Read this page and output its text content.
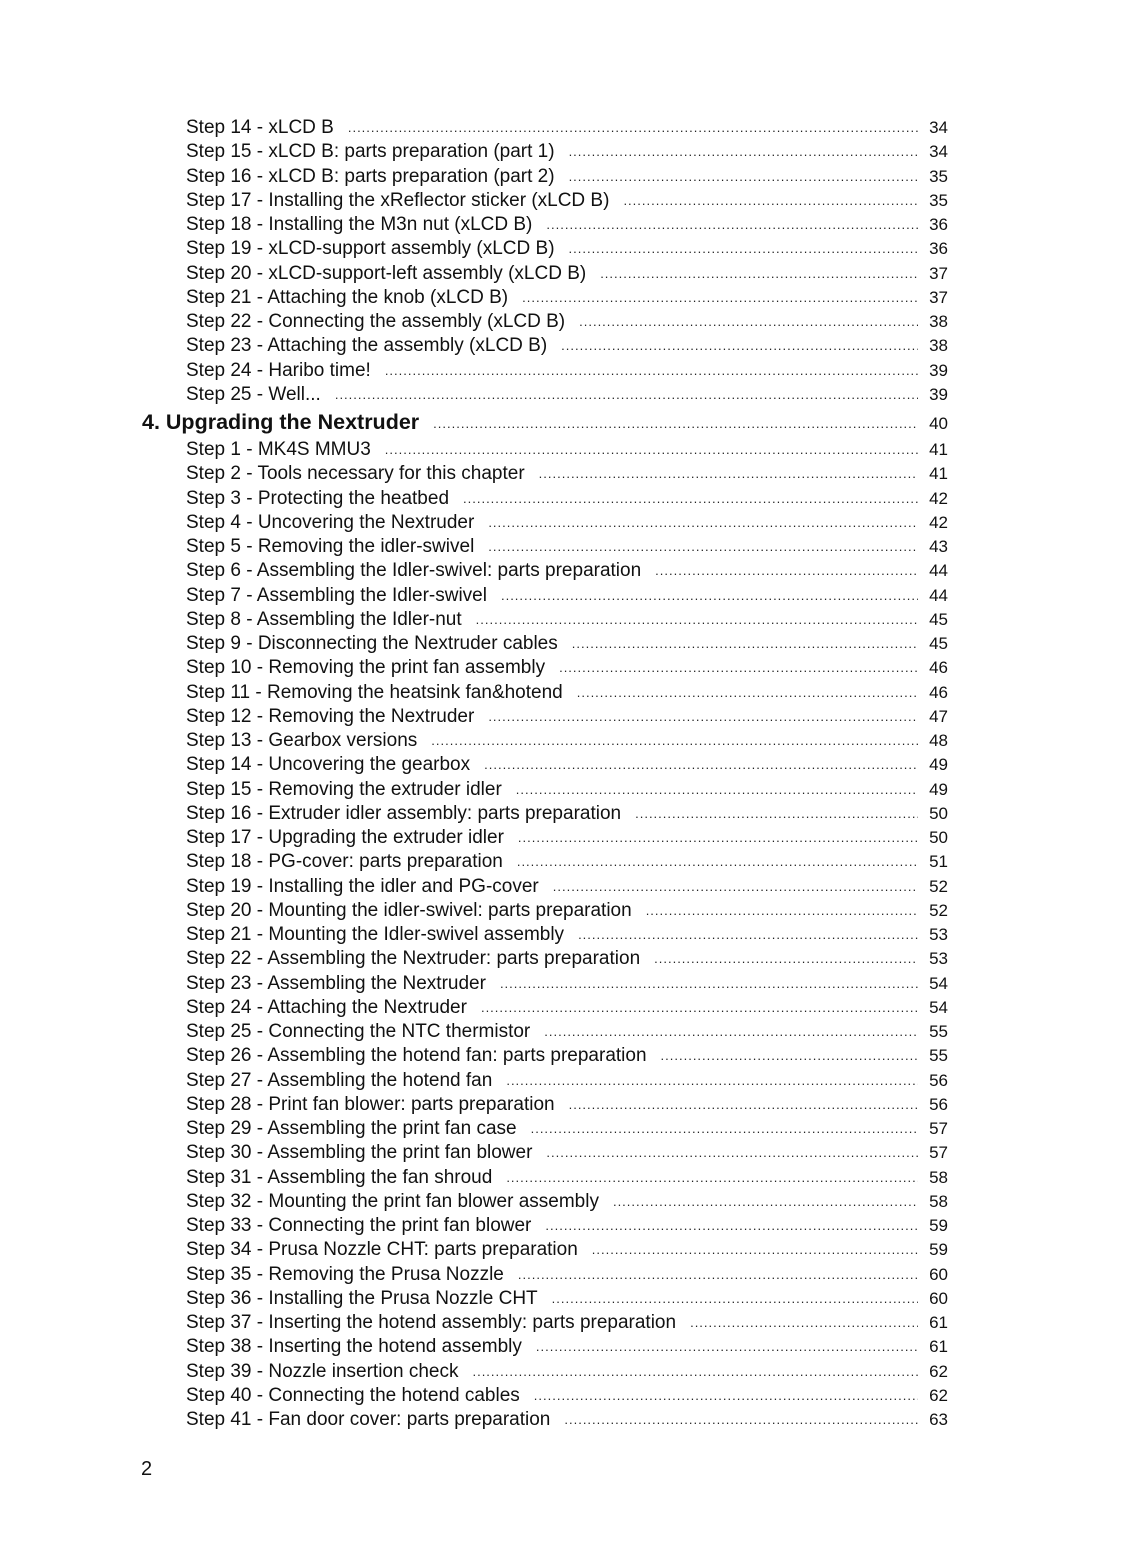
Step 14 - xLCD B .....	34
Step 15 - xLCD B: parts preparation (part 1) .....	34
Step 16 - xLCD B: parts preparation (part 2) .....	35
Step 17 - Installing the xReflector sticker (xLCD B) .....	35
Step 18 - Installing the M3n nut (xLCD B) .....	36
Step 19 - xLCD-support assembly (xLCD B) .....	36
Step 20 - xLCD-support-left assembly (xLCD B) .....	37
Step 21 - Attaching the knob (xLCD B) .....	37
Step 22 - Connecting the assembly (xLCD B) .....	38
Step 23 - Attaching the assembly (xLCD B) .....	38
Step 24 - Haribo time! .....	39
Step 25 - Well... .....	39
4. Upgrading the Nextruder .....	40
Step 1 - MK4S MMU3 .....	41
Step 2 - Tools necessary for this chapter .....	41
Step 3 - Protecting the heatbed .....	42
Step 4 - Uncovering the Nextruder .....	42
Step 5 - Removing the idler-swivel .....	43
Step 6 - Assembling the Idler-swivel: parts preparation .....	44
Step 7 - Assembling the Idler-swivel .....	44
Step 8 - Assembling the Idler-nut .....	45
Step 9 - Disconnecting the Nextruder cables .....	45
Step 10 - Removing the print fan assembly .....	46
Step 11 - Removing the heatsink fan&hotend .....	46
Step 12 - Removing the Nextruder .....	47
Step 13 - Gearbox versions .....	48
Step 14 - Uncovering the gearbox .....	49
Step 15 - Removing the extruder idler .....	49
Step 16 - Extruder idler assembly: parts preparation .....	50
Step 17 - Upgrading the extruder idler .....	50
Step 18 - PG-cover: parts preparation .....	51
Step 19 - Installing the idler and PG-cover .....	52
Step 20 - Mounting the idler-swivel: parts preparation .....	52
Step 21 - Mounting the Idler-swivel assembly .....	53
Step 22 - Assembling the Nextruder: parts preparation .....	53
Step 23 - Assembling the Nextruder .....	54
Step 24 - Attaching the Nextruder .....	54
Step 25 - Connecting the NTC thermistor .....	55
Step 26 - Assembling the hotend fan: parts preparation .....	55
Step 27 - Assembling the hotend fan .....	56
Step 28 - Print fan blower: parts preparation .....	56
Step 29 - Assembling the print fan case .....	57
Step 30 - Assembling the print fan blower .....	57
Step 31 - Assembling the fan shroud .....	58
Step 32 - Mounting the print fan blower assembly .....	58
Step 33 - Connecting the print fan blower .....	59
Step 34 - Prusa Nozzle CHT: parts preparation .....	59
Step 35 - Removing the Prusa Nozzle .....	60
Step 36 - Installing the Prusa Nozzle CHT .....	60
Step 37 - Inserting the hotend assembly: parts preparation .....	61
Step 38 - Inserting the hotend assembly .....	61
Step 39 - Nozzle insertion check .....	62
Step 40 - Connecting the hotend cables .....	62
Step 41 - Fan door cover: parts preparation .....	63
2
